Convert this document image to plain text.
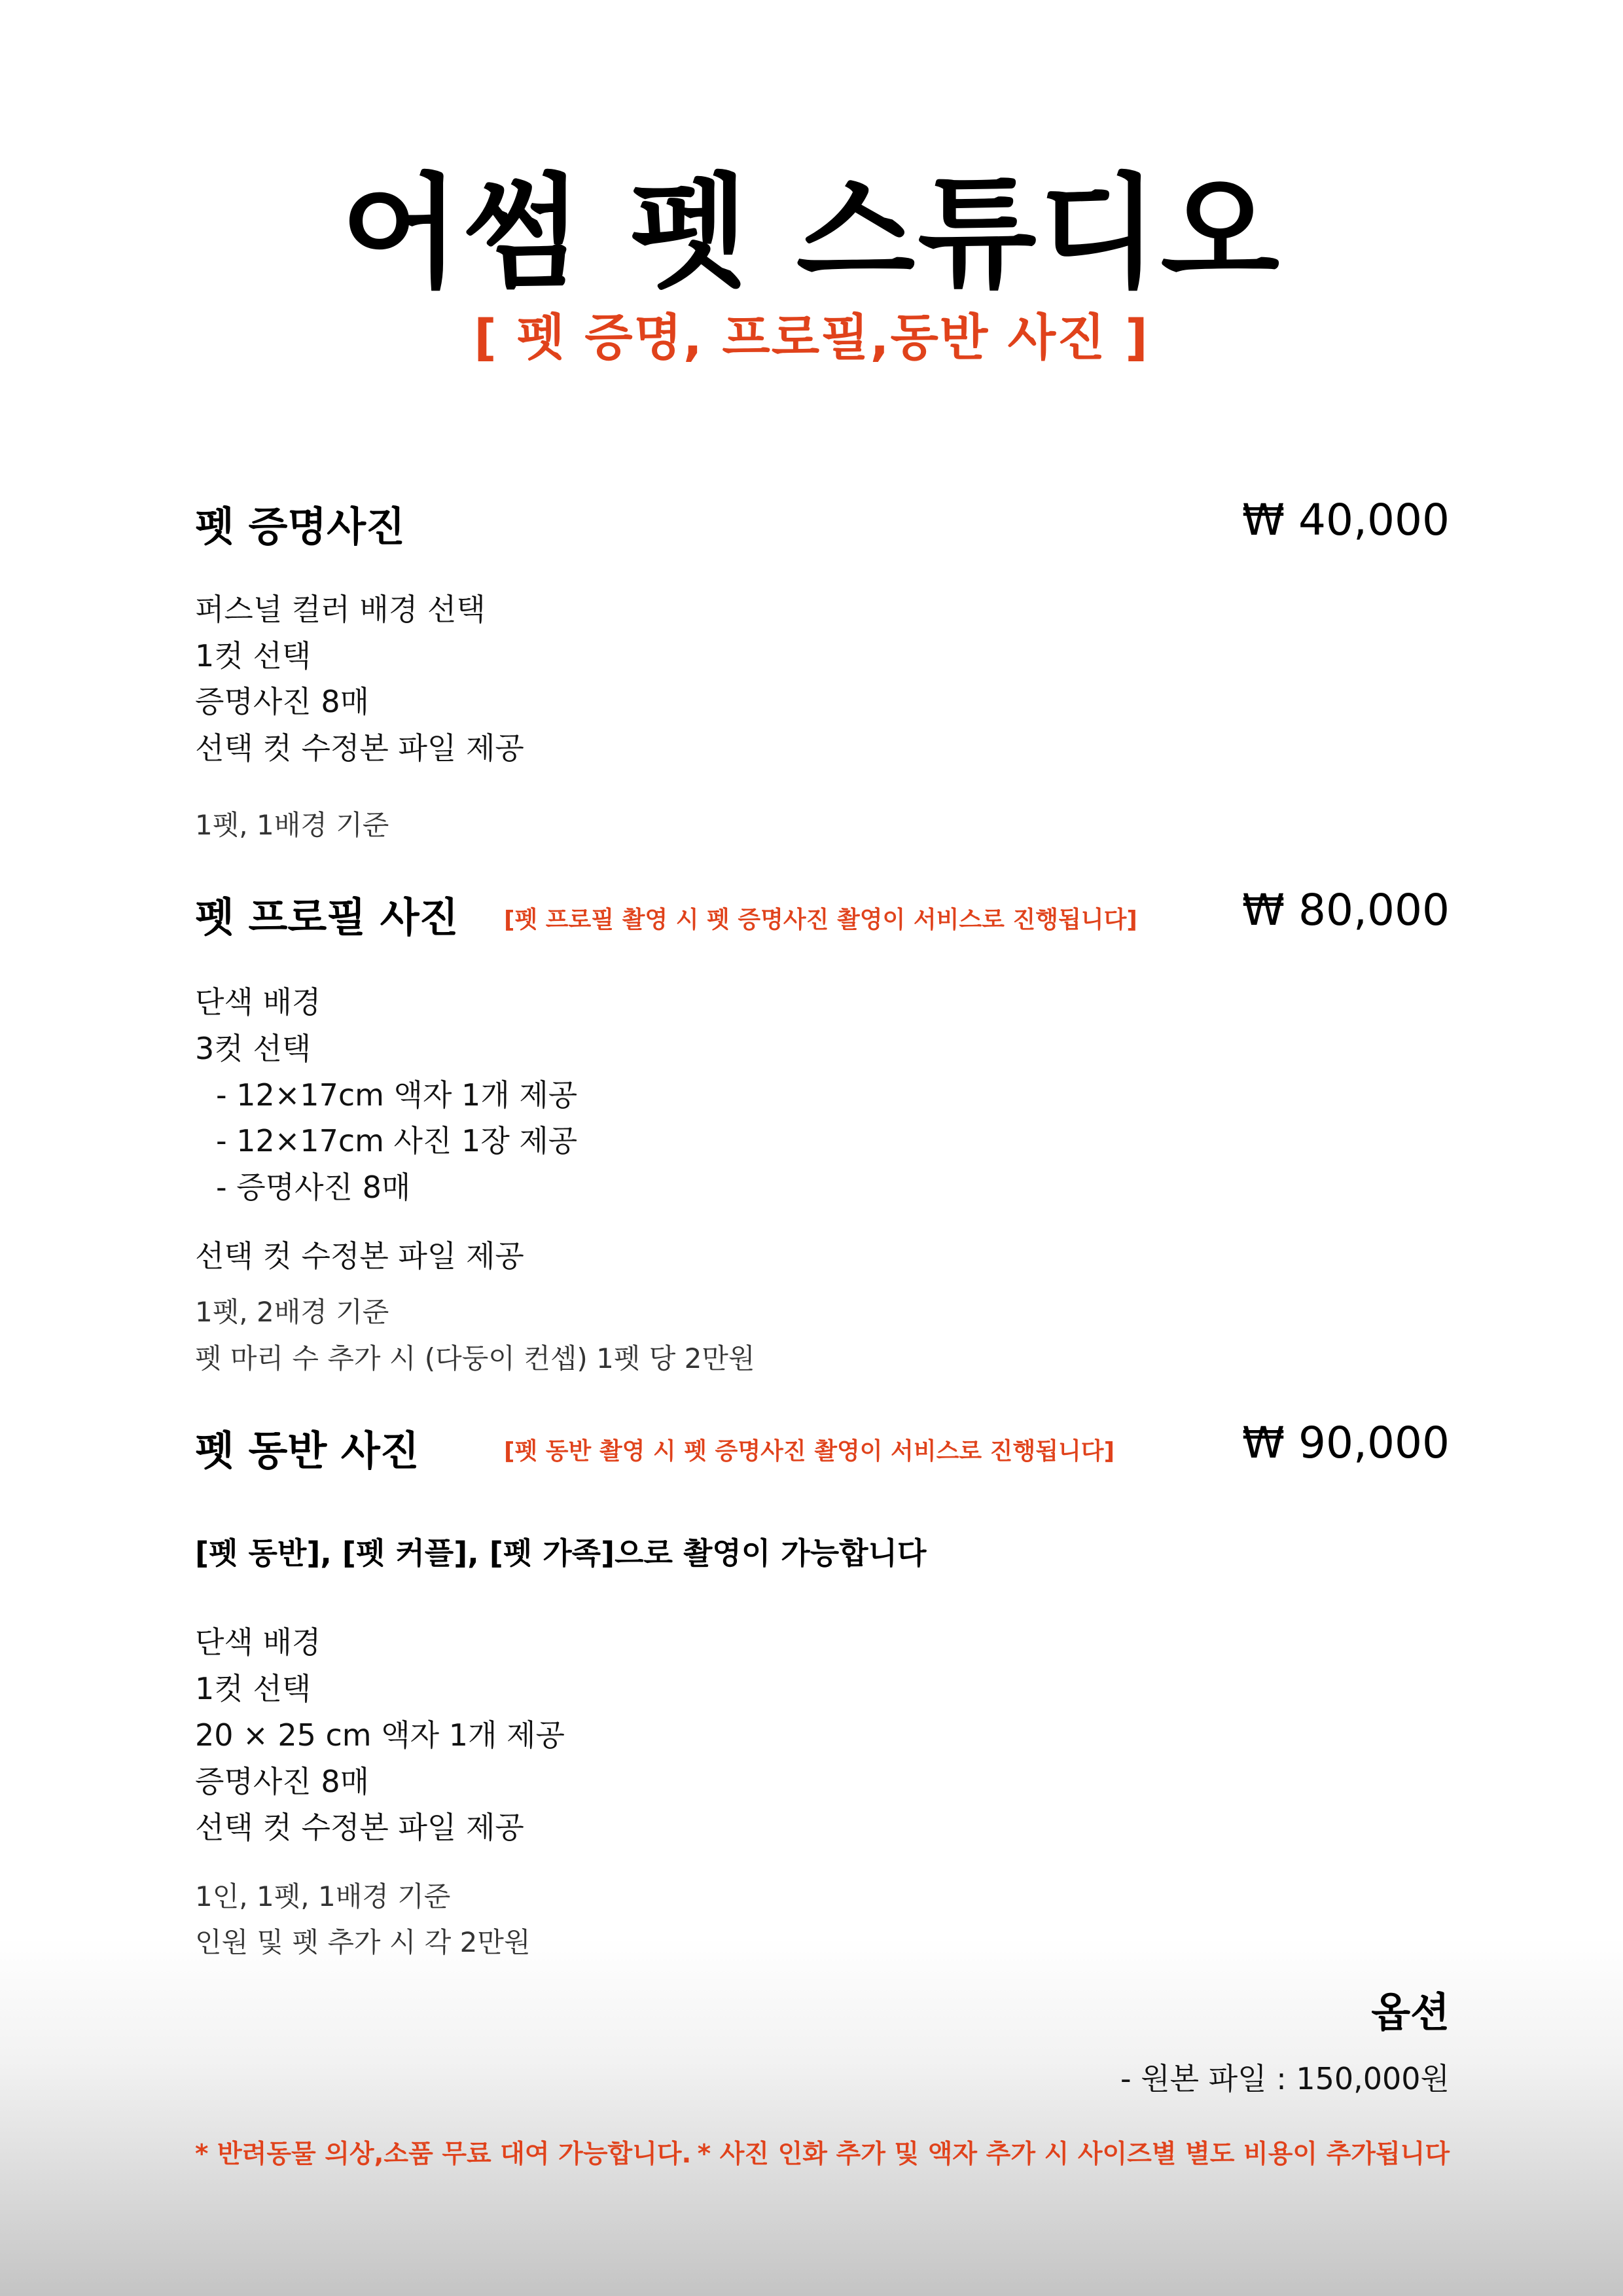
어썸 펫 스튜디오
[ 펫 증명, 프로필,동반 사진 ]
펫 증명사진	₩ 40,000
퍼스널 컬러 배경 선택
1컷 선택
증명사진 8매
선택 컷 수정본 파일 제공
1펫, 1배경 기준
펫 프로필 사진 [펫 프로필 촬영 시 펫 증명사진 촬영이 서비스로 진행됩니다] ₩ 80,000
단색 배경
3컷 선택
- 12×17cm 액자 1개 제공
- 12×17cm 사진 1장 제공
- 증명사진 8매
선택 컷 수정본 파일 제공
1펫, 2배경 기준
펫 마리 수 추가 시 (다둥이 컨셉) 1펫 당 2만원
펫 동반 사진	[펫 동반 촬영 시 펫 증명사진 촬영이 서비스로 진행됩니다]	₩ 90,000
[펫 동반], [펫 커플], [펫 가족]으로 촬영이 가능합니다
단색 배경
1컷 선택
20 × 25 cm 액자 1개 제공
증명사진 8매
선택 컷 수정본 파일 제공
1인, 1펫, 1배경 기준
인원 및 펫 추가 시 각 2만원
옵션
- 원본 파일 : 150,000원
* 반려동물 의상,소품 무료 대여 가능합니다. * 사진 인화 추가 및 액자 추가 시 사이즈별 별도 비용이 추가됩니다
